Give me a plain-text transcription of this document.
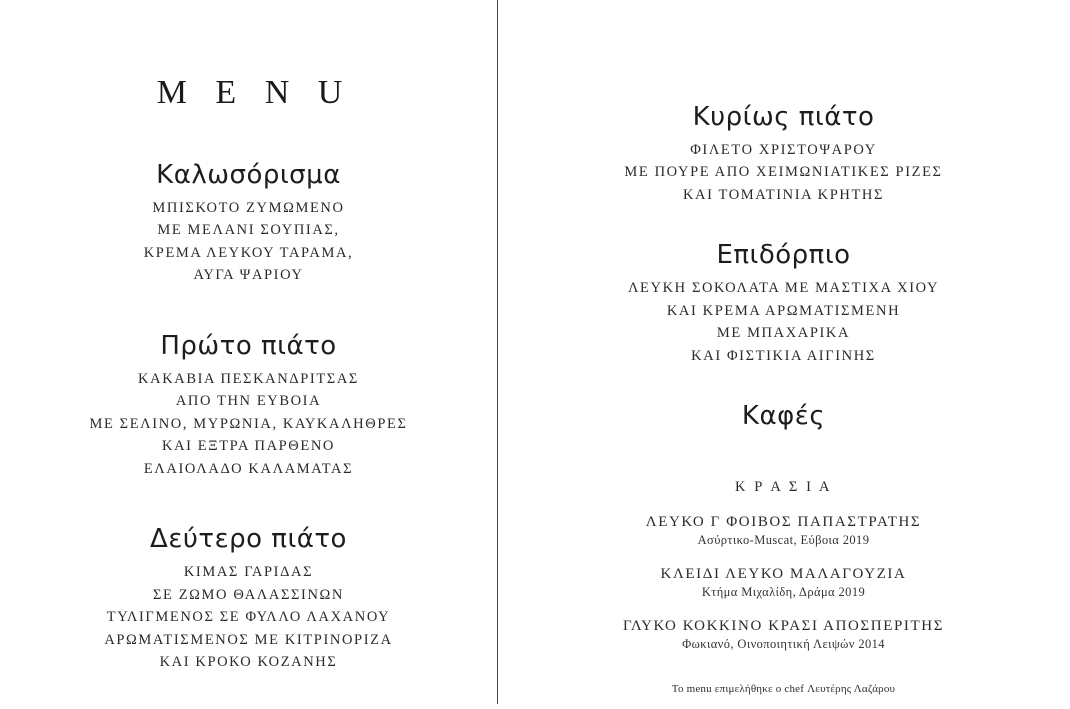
M E N U
Καλωσόρισμα
ΜΠΙΣΚΟΤΟ ΖΥΜΩΜΕΝΟ
ΜΕ ΜΕΛΑΝΙ ΣΟΥΠΙΑΣ,
ΚΡΕΜΑ ΛΕΥΚΟΥ ΤΑΡΑΜΑ,
ΑΥΓΑ ΨΑΡΙΟΥ
Πρώτο πιάτο
ΚΑΚΑΒΙΑ ΠΕΣΚΑΝΔΡΙΤΣΑΣ
ΑΠΟ ΤΗΝ ΕΥΒΟΙΑ
ΜΕ ΣΕΛΙΝΟ, ΜΥΡΩΝΙΑ, ΚΑΥΚΑΛΗΘΡΕΣ
ΚΑΙ ΕΞΤΡΑ ΠΑΡΘΕΝΟ
ΕΛΑΙΟΛΑΔΟ ΚΑΛΑΜΑΤΑΣ
Δεύτερο πιάτο
ΚΙΜΑΣ ΓΑΡΙΔΑΣ
ΣΕ ΖΩΜΟ ΘΑΛΑΣΣΙΝΩΝ
ΤΥΛΙΓΜΕΝΟΣ ΣΕ ΦΥΛΛΟ ΛΑΧΑΝΟΥ
ΑΡΩΜΑΤΙΣΜΕΝΟΣ ΜΕ ΚΙΤΡΙΝΟΡΙΖΑ
ΚΑΙ ΚΡΟΚΟ ΚΟΖΑΝΗΣ
Κυρίως πιάτο
ΦΙΛΕΤΟ ΧΡΙΣΤΟΨΑΡΟΥ
ΜΕ ΠΟΥΡΕ ΑΠΟ ΧΕΙΜΩΝΙΑΤΙΚΕΣ ΡΙΖΕΣ
ΚΑΙ ΤΟΜΑΤΙΝΙΑ ΚΡΗΤΗΣ
Επιδόρπιο
ΛΕΥΚΗ ΣΟΚΟΛΑΤΑ ΜΕ ΜΑΣΤΙΧΑ ΧΙΟΥ
ΚΑΙ ΚΡΕΜΑ ΑΡΩΜΑΤΙΣΜΕΝΗ
ΜΕ ΜΠΑΧΑΡΙΚΑ
ΚΑΙ ΦΙΣΤΙΚΙΑ ΑΙΓΙΝΗΣ
Καφές
Κ Ρ Α Σ Ι Α
ΛΕΥΚΟ Γ ΦΟΙΒΟΣ ΠΑΠΑΣΤΡΑΤΗΣ
Ασύρτικο-Muscat, Εύβοια 2019
ΚΛΕΙΔΙ ΛΕΥΚΟ ΜΑΛΑΓΟΥΖΙΑ
Κτήμα Μιχαλίδη, Δράμα 2019
ΓΛΥΚΟ ΚΟΚΚΙΝΟ ΚΡΑΣΙ ΑΠΟΣΠΕΡΙΤΗΣ
Φωκιανό, Οινοποιητική Λειψών 2014
Το menu επιμελήθηκε ο chef Λευτέρης Λαζάρου
